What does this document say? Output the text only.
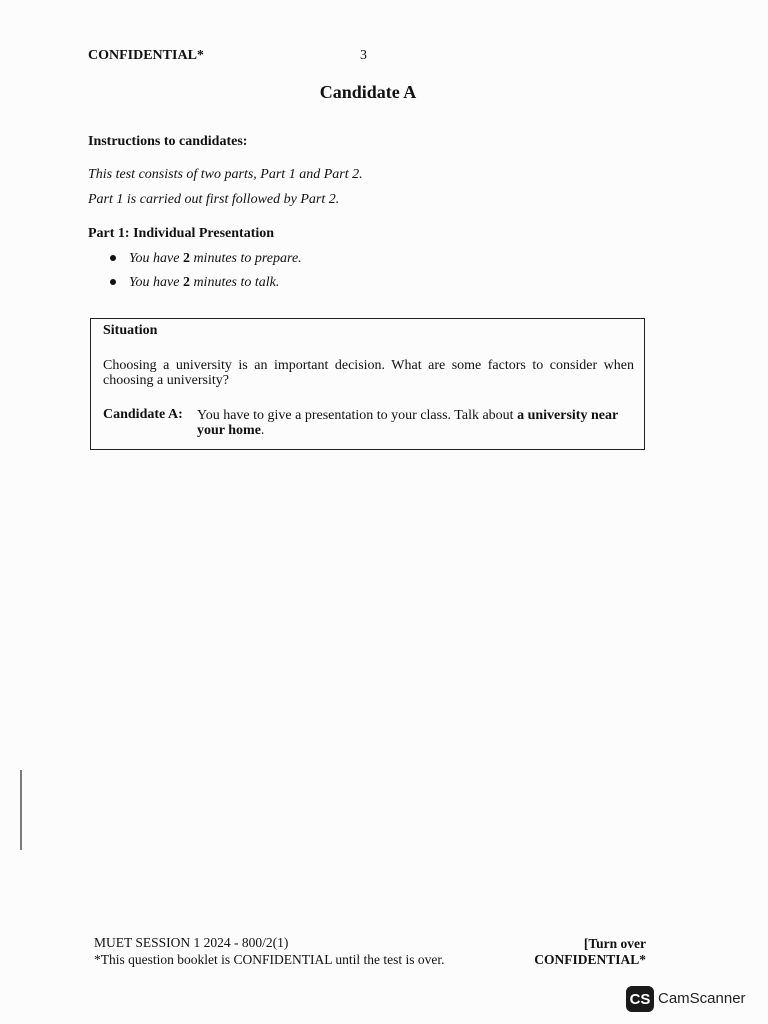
CONFIDENTIAL*	3
Candidate A
Instructions to candidates:
This test consists of two parts, Part 1 and Part 2.
Part 1 is carried out first followed by Part 2.
Part 1: Individual Presentation
You have 2 minutes to prepare.
You have 2 minutes to talk.
Situation
Choosing a university is an important decision. What are some factors to consider when choosing a university?
Candidate A: You have to give a presentation to your class. Talk about a university near your home.
MUET SESSION 1 2024 - 800/2(1)
*This question booklet is CONFIDENTIAL until the test is over.
[Turn over
CONFIDENTIAL*
CS CamScanner
